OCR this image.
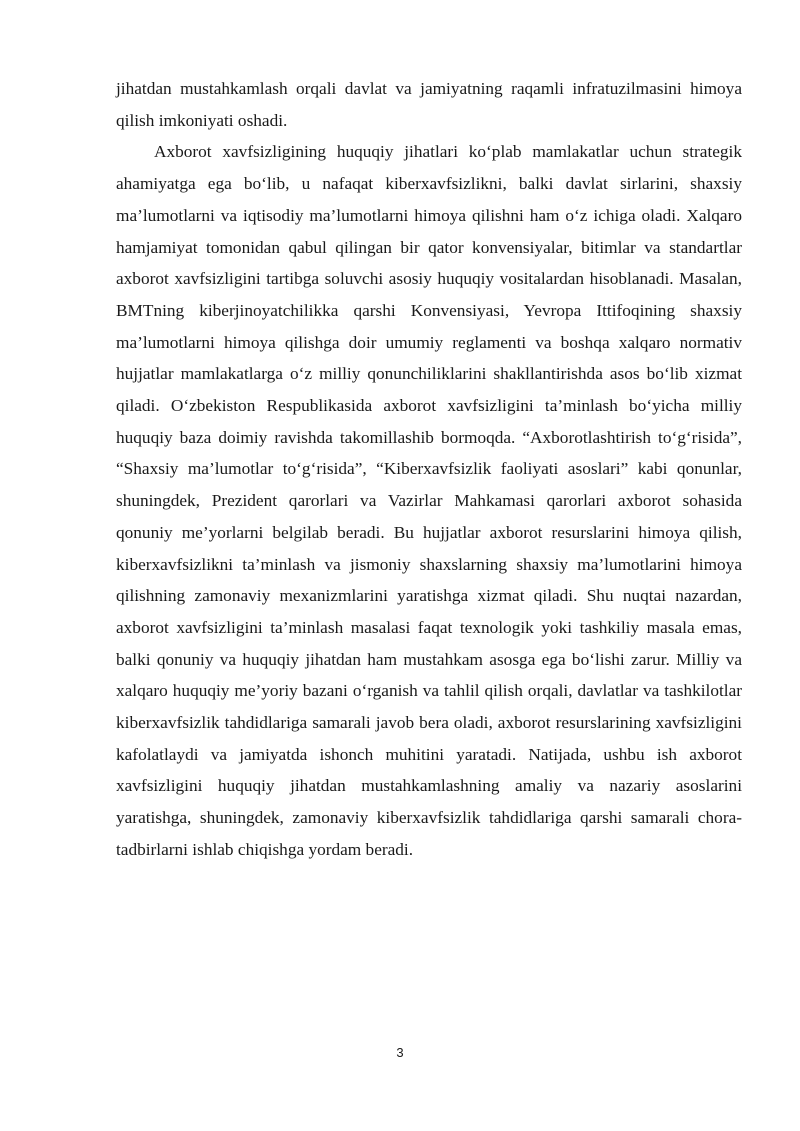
jihatdan mustahkamlash orqali davlat va jamiyatning raqamli infratuzilmasini himoya qilish imkoniyati oshadi.

Axborot xavfsizligining huquqiy jihatlari ko‘plab mamlakatlar uchun strategik ahamiyatga ega bo‘lib, u nafaqat kiberxavfsizlikni, balki davlat sirlarini, shaxsiy ma’lumotlarni va iqtisodiy ma’lumotlarni himoya qilishni ham o‘z ichiga oladi. Xalqaro hamjamiyat tomonidan qabul qilingan bir qator konvensiyalar, bitimlar va standartlar axborot xavfsizligini tartibga soluvchi asosiy huquqiy vositalardan hisoblanadi. Masalan, BMTning kiberjinoyatchilikka qarshi Konvensiyasi, Yevropa Ittifoqining shaxsiy ma’lumotlarni himoya qilishga doir umumiy reglamenti va boshqa xalqaro normativ hujjatlar mamlakatlarga o‘z milliy qonunchiliklarini shakllantirishda asos bo‘lib xizmat qiladi. O‘zbekiston Respublikasida axborot xavfsizligini ta’minlash bo‘yicha milliy huquqiy baza doimiy ravishda takomillashib bormoqda. “Axborotlashtirish to‘g‘risida”, “Shaxsiy ma’lumotlar to‘g‘risida”, “Kiberxavfsizlik faoliyati asoslari” kabi qonunlar, shuningdek, Prezident qarorlari va Vazirlar Mahkamasi qarorlari axborot sohasida qonuniy me’yorlarni belgilab beradi. Bu hujjatlar axborot resurslarini himoya qilish, kiberxavfsizlikni ta’minlash va jismoniy shaxslarning shaxsiy ma’lumotlarini himoya qilishning zamonaviy mexanizmlarini yaratishga xizmat qiladi. Shu nuqtai nazardan, axborot xavfsizligini ta’minlash masalasi faqat texnologik yoki tashkiliy masala emas, balki qonuniy va huquqiy jihatdan ham mustahkam asosga ega bo‘lishi zarur. Milliy va xalqaro huquqiy me’yoriy bazani o‘rganish va tahlil qilish orqali, davlatlar va tashkilotlar kiberxavfsizlik tahdidlariga samarali javob bera oladi, axborot resurslarining xavfsizligini kafolatlaydi va jamiyatda ishonch muhitini yaratadi. Natijada, ushbu ish axborot xavfsizligini huquqiy jihatdan mustahkamlashning amaliy va nazariy asoslarini yaratishga, shuningdek, zamonaviy kiberxavfsizlik tahdidlariga qarshi samarali chora-tadbirlarni ishlab chiqishga yordam beradi.

3
